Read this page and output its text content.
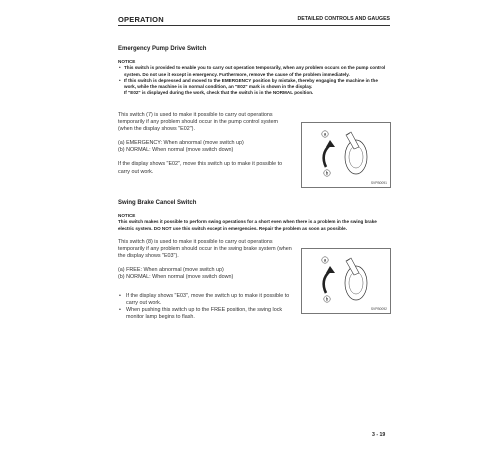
OPERATION	DETAILED CONTROLS AND GAUGES
Emergency Pump Drive Switch
NOTICE
• This switch is provided to enable you to carry out operation temporarily, when any problem occurs on the pump control system. Do not use it except in emergency. Furthermore, remove the cause of the problem immediately.
• If this switch is depressed and moved to the EMERGENCY position by mistake, thereby engaging the machine in the work, while the machine is in normal condition, an "E02" mark is shown in the display.
If "E02" is displayed during the work, check that the switch is in the NORMAL position.

This switch (7) is used to make it possible to carry out operations temporarily if any problem should occur in the pump control system (when the display shows "E02").

(a) EMERGENCY: When abnormal (move switch up)

(b) NORMAL: When normal (move switch down)

If the display shows "E02", move this switch up to make it possible to carry out work.

a
b
SVPB0091
Swing Brake Cancel Switch
NOTICE
This switch makes it possible to perform swing operations for a short even when there is a problem in the swing brake electric system. DO NOT use this switch except in emergencies. Repair the problem as soon as possible.

This switch (8) is used to make it possible to carry out operations temporarily if any problem should occur in the swing brake system (when the display shows "E03").

(a) FREE: When abnormal (move switch up)

(b) NORMAL: When normal (move switch down)

• If the display shows "E03", move the switch up to make it possible to carry out work.
• When pushing this switch up to the FREE position, the swing lock monitor lamp begins to flash.
a
b
SVPB0092
3 - 19
